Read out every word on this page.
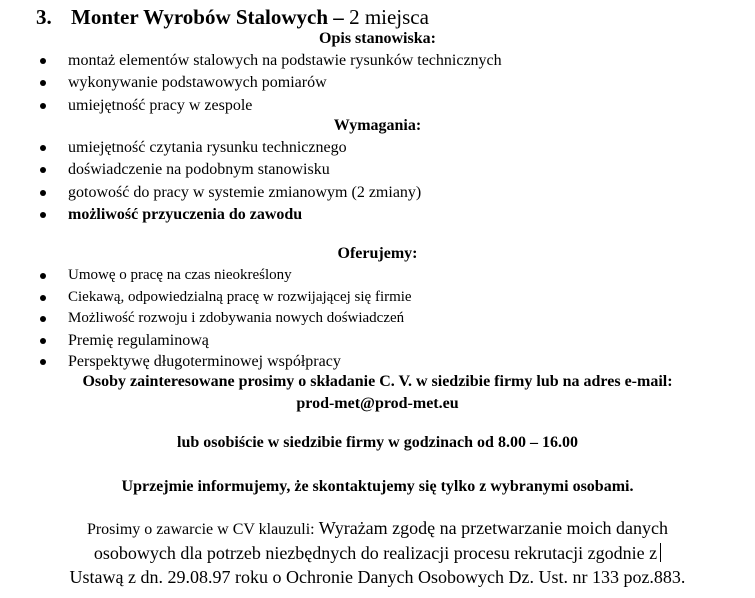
3. Monter Wyrobów Stalowych – 2 miejsca
Opis stanowiska:
montaż elementów stalowych na podstawie rysunków technicznych
wykonywanie podstawowych pomiarów
umiejętność pracy w zespole
Wymagania:
umiejętność czytania rysunku technicznego
doświadczenie na podobnym stanowisku
gotowość do pracy w systemie zmianowym (2 zmiany)
możliwość przyuczenia do zawodu
Oferujemy:
Umowę o pracę na czas nieokreślony
Ciekawą, odpowiedzialną pracę w rozwijającej się firmie
Możliwość rozwoju i zdobywania nowych doświadczeń
Premię regulaminową
Perspektywę długoterminowej współpracy
Osoby zainteresowane prosimy o składanie C. V. w siedzibie firmy lub na adres e-mail:
prod-met@prod-met.eu
lub osobiście w siedzibie firmy w godzinach od 8.00 – 16.00
Uprzejmie informujemy, że skontaktujemy się tylko z wybranymi osobami.
Prosimy o zawarcie w CV klauzuli: Wyrażam zgodę na przetwarzanie moich danych
osobowych dla potrzeb niezbędnych do realizacji procesu rekrutacji zgodnie z
Ustawą z dn. 29.08.97 roku o Ochronie Danych Osobowych Dz. Ust. nr 133 poz.883.
